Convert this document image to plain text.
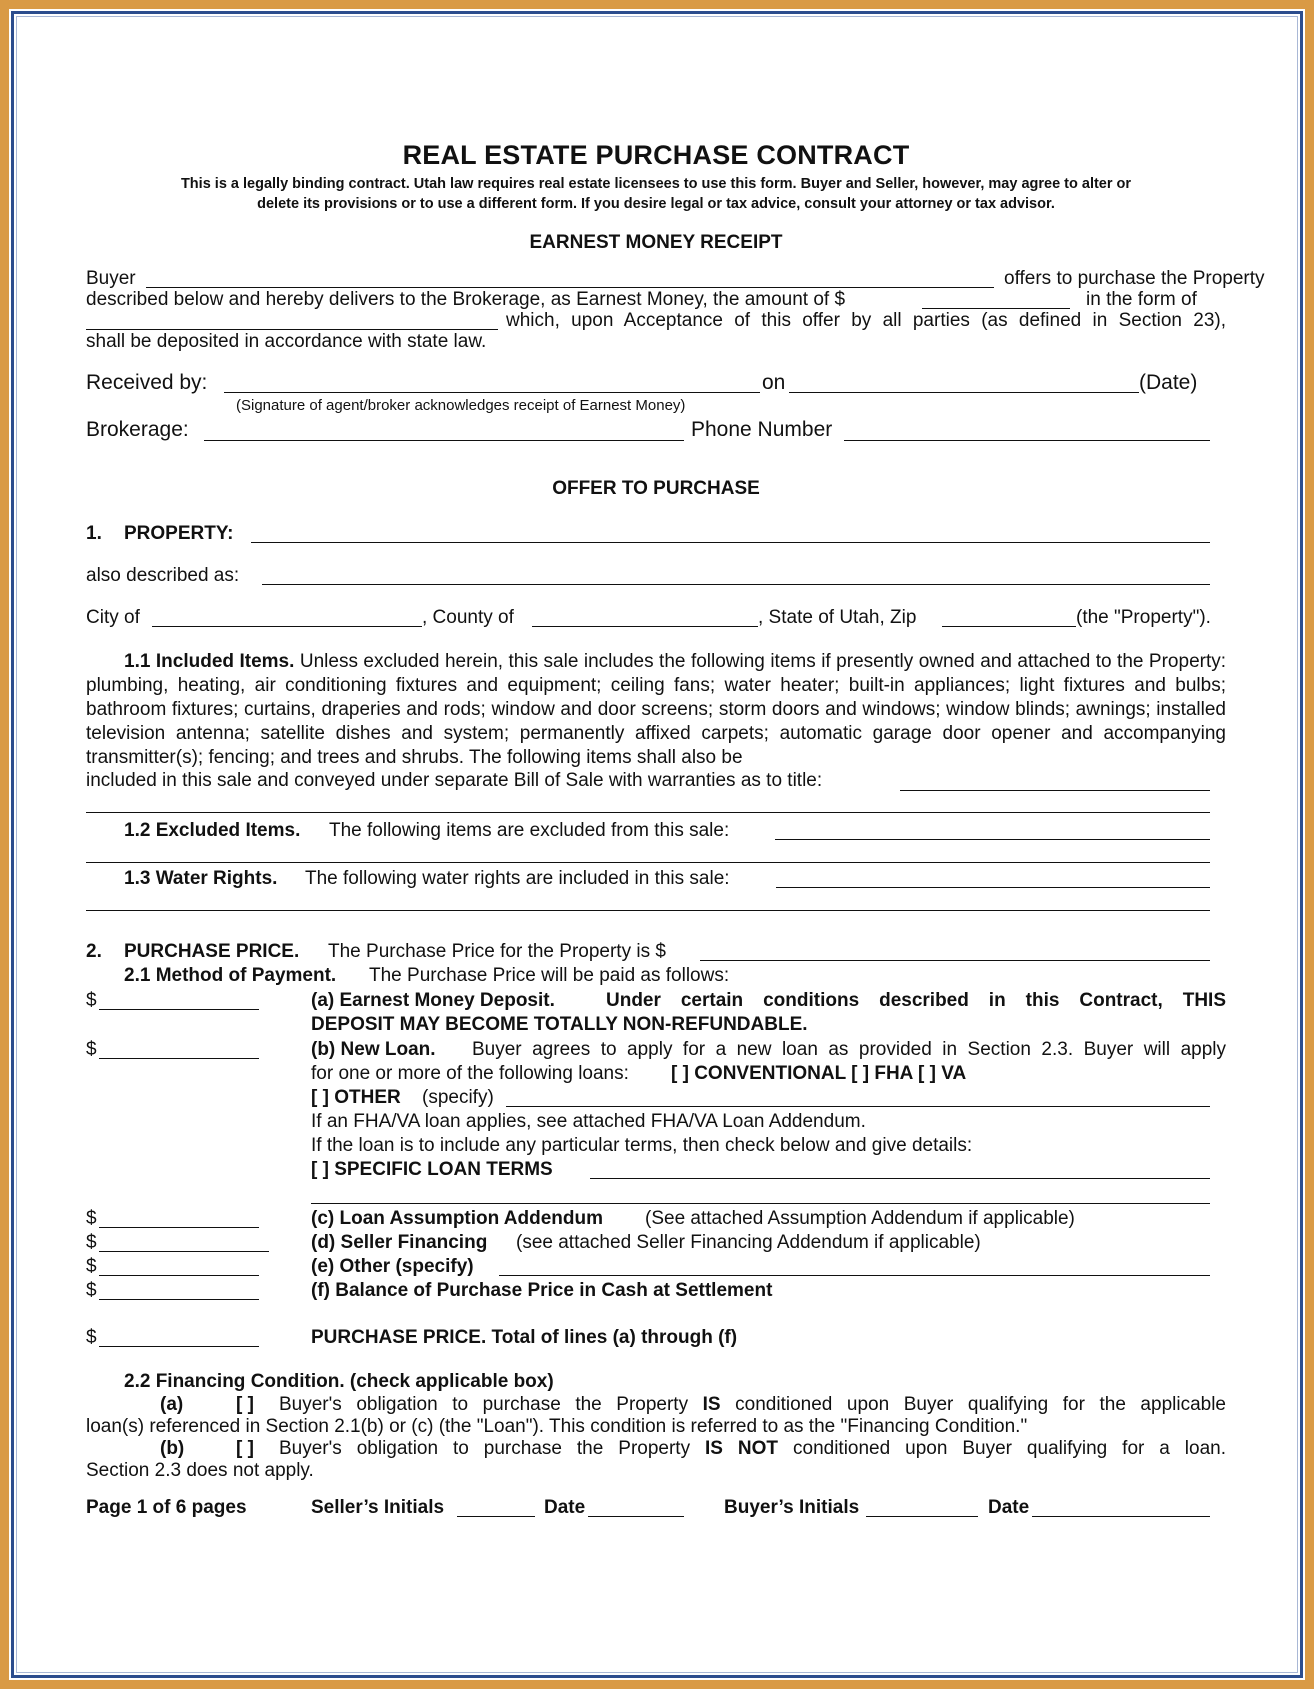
REAL ESTATE PURCHASE CONTRACT
This is a legally binding contract. Utah law requires real estate licensees to use this form. Buyer and Seller, however, may agree to alter or
delete its provisions or to use a different form. If you desire legal or tax advice, consult your attorney or tax advisor.
EARNEST MONEY RECEIPT
Buyer	offers to purchase the Property
described below and hereby delivers to the Brokerage, as Earnest Money, the amount of $	in the form of
which, upon Acceptance of this offer by all parties (as defined in Section 23),
shall be deposited in accordance with state law.
Received by:	on	(Date)
(Signature of agent/broker acknowledges receipt of Earnest Money)
Brokerage:	Phone Number
OFFER TO PURCHASE
1. PROPERTY:
also described as:
City of	, County of	, State of Utah, Zip	(the "Property").
1.1 Included Items. Unless excluded herein, this sale includes the following items if presently owned and attached to the Property: plumbing, heating, air conditioning fixtures and equipment; ceiling fans; water heater; built-in appliances; light fixtures and bulbs; bathroom fixtures; curtains, draperies and rods; window and door screens; storm doors and windows; window blinds; awnings; installed television antenna; satellite dishes and system; permanently affixed carpets; automatic garage door opener and accompanying transmitter(s); fencing; and trees and shrubs. The following items shall also be
included in this sale and conveyed under separate Bill of Sale with warranties as to title:
1.2 Excluded Items. The following items are excluded from this sale:
1.3 Water Rights. The following water rights are included in this sale:
2. PURCHASE PRICE. The Purchase Price for the Property is $
2.1 Method of Payment. The Purchase Price will be paid as follows:
$	(a) Earnest Money Deposit.	Under certain conditions described in this Contract, THIS
DEPOSIT MAY BECOME TOTALLY NON-REFUNDABLE.
$	(b) New Loan. Buyer agrees to apply for a new loan as provided in Section 2.3. Buyer will apply
for one or more of the following loans: [ ] CONVENTIONAL [ ] FHA [ ] VA
[ ] OTHER (specify)
If an FHA/VA loan applies, see attached FHA/VA Loan Addendum.
If the loan is to include any particular terms, then check below and give details:
[ ] SPECIFIC LOAN TERMS
$	(c) Loan Assumption Addendum (See attached Assumption Addendum if applicable)
$	(d) Seller Financing (see attached Seller Financing Addendum if applicable)
$	(e) Other (specify)
$	(f) Balance of Purchase Price in Cash at Settlement
$	PURCHASE PRICE. Total of lines (a) through (f)
2.2 Financing Condition. (check applicable box)
(a)	[ ] Buyer's obligation to purchase the Property IS conditioned upon Buyer qualifying for the applicable
loan(s) referenced in Section 2.1(b) or (c) (the "Loan"). This condition is referred to as the "Financing Condition."
(b)	[ ] Buyer's obligation to purchase the Property IS NOT conditioned upon Buyer qualifying for a loan.
Section 2.3 does not apply.
Page 1 of 6 pages	Seller’s Initials	Date	Buyer’s Initials	Date
